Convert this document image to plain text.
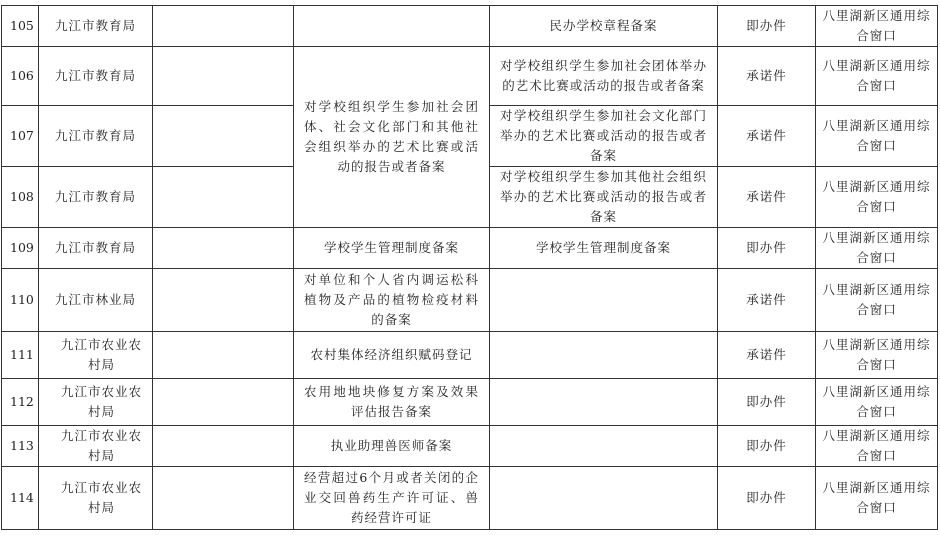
105	九江市教育局			民办学校章程备案	即办件	八里湖新区通用综合窗口
106	九江市教育局		对学校组织学生参加社会团体、社会文化部门和其他社会组织举办的艺术比赛或活动的报告或者备案	对学校组织学生参加社会团体举办的艺术比赛或活动的报告或者备案	承诺件	八里湖新区通用综合窗口
107	九江市教育局			对学校组织学生参加社会文化部门举办的艺术比赛或活动的报告或者备案	承诺件	八里湖新区通用综合窗口
108	九江市教育局			对学校组织学生参加其他社会组织举办的艺术比赛或活动的报告或者备案	承诺件	八里湖新区通用综合窗口
109	九江市教育局		学校学生管理制度备案	学校学生管理制度备案	即办件	八里湖新区通用综合窗口
110	九江市林业局		对单位和个人省内调运松科植物及产品的植物检疫材料的备案		承诺件	八里湖新区通用综合窗口
111	九江市农业农村局		农村集体经济组织赋码登记		承诺件	八里湖新区通用综合窗口
112	九江市农业农村局		农用地地块修复方案及效果评估报告备案		即办件	八里湖新区通用综合窗口
113	九江市农业农村局		执业助理兽医师备案		即办件	八里湖新区通用综合窗口
114	九江市农业农村局		经营超过6个月或者关闭的企业交回兽药生产许可证、兽药经营许可证		即办件	八里湖新区通用综合窗口
